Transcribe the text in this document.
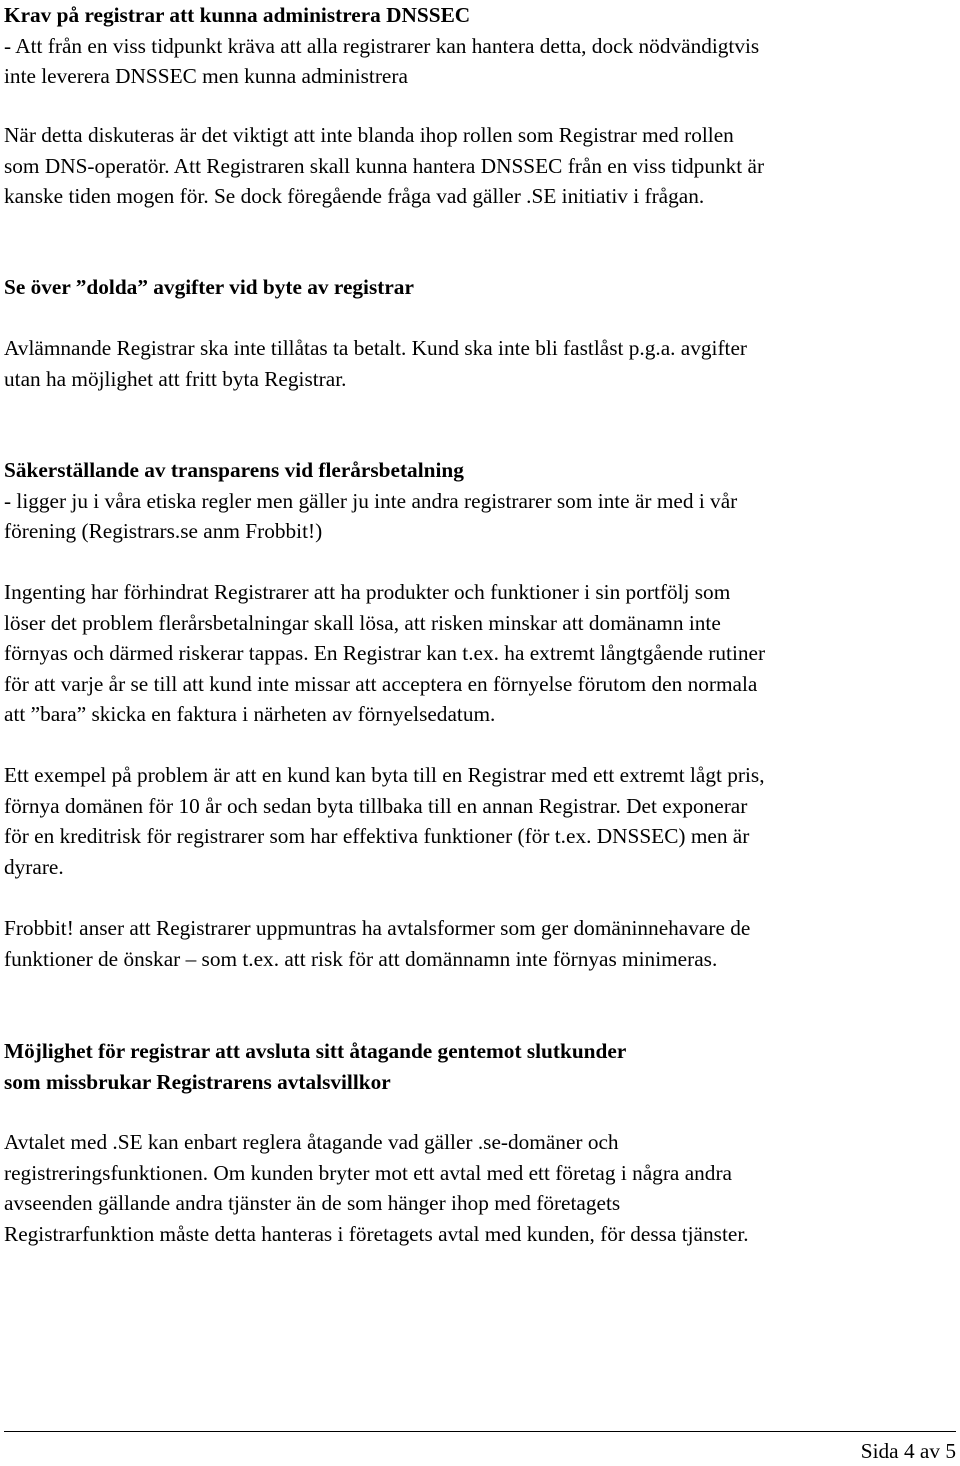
Krav på registrar att kunna administrera DNSSEC
- Att från en viss tidpunkt kräva att alla registrarer kan hantera detta, dock nödvändigtvis
inte leverera DNSSEC men kunna administrera
När detta diskuteras är det viktigt att inte blanda ihop rollen som Registrar med rollen
som DNS-operatör. Att Registraren skall kunna hantera DNSSEC från en viss tidpunkt är
kanske tiden mogen för. Se dock föregående fråga vad gäller .SE initiativ i frågan.
Se över ”dolda” avgifter vid byte av registrar
Avlämnande Registrar ska inte tillåtas ta betalt. Kund ska inte bli fastlåst p.g.a. avgifter
utan ha möjlighet att fritt byta Registrar.
Säkerställande av transparens vid flerårsbetalning
- ligger ju i våra etiska regler men gäller ju inte andra registrarer som inte är med i vår
förening (Registrars.se anm Frobbit!)
Ingenting har förhindrat Registrarer att ha produkter och funktioner i sin portfölj som
löser det problem flerårsbetalningar skall lösa, att risken minskar att domänamn inte
förnyas och därmed riskerar tappas. En Registrar kan t.ex. ha extremt långtgående rutiner
för att varje år se till att kund inte missar att acceptera en förnyelse förutom den normala
att ”bara” skicka en faktura i närheten av förnyelsedatum.
Ett exempel på problem är att en kund kan byta till en Registrar med ett extremt lågt pris,
förnya domänen för 10 år och sedan byta tillbaka till en annan Registrar. Det exponerar
för en kreditrisk för registrarer som har effektiva funktioner (för t.ex. DNSSEC) men är
dyrare.
Frobbit! anser att Registrarer uppmuntras ha avtalsformer som ger domäninnehavare de
funktioner de önskar – som t.ex. att risk för att domännamn inte förnyas minimeras.
Möjlighet för registrar att avsluta sitt åtagande gentemot slutkunder
som missbrukar Registrarens avtalsvillkor
Avtalet med .SE kan enbart reglera åtagande vad gäller .se-domäner och
registreringsfunktionen. Om kunden bryter mot ett avtal med ett företag i några andra
avseenden gällande andra tjänster än de som hänger ihop med företagets
Registrarfunktion måste detta hanteras i företagets avtal med kunden, för dessa tjänster.
Sida 4 av 5
